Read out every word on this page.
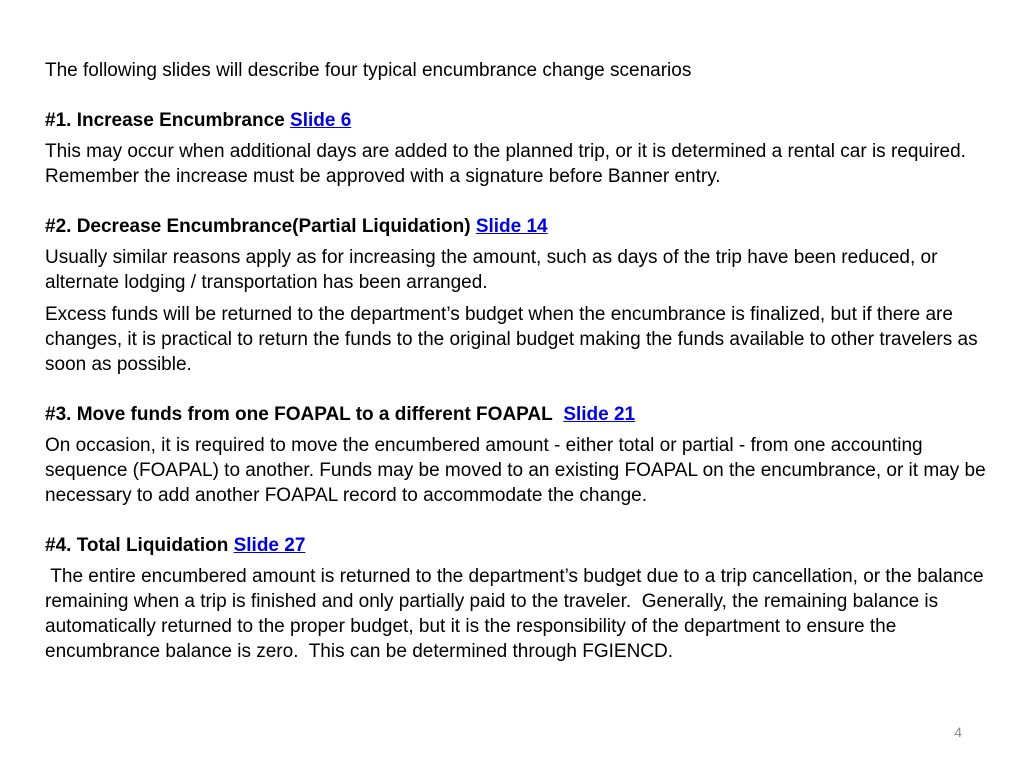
The following slides will describe four typical encumbrance change scenarios

#1. Increase Encumbrance Slide 6

This may occur when additional days are added to the planned trip, or it is determined a rental car is required. Remember the increase must be approved with a signature before Banner entry.

#2. Decrease Encumbrance(Partial Liquidation) Slide 14

Usually similar reasons apply as for increasing the amount, such as days of the trip have been reduced, or alternate lodging / transportation has been arranged.

Excess funds will be returned to the department’s budget when the encumbrance is finalized, but if there are changes, it is practical to return the funds to the original budget making the funds available to other travelers as soon as possible.

#3. Move funds from one FOAPAL to a different FOAPAL Slide 21

On occasion, it is required to move the encumbered amount - either total or partial - from one accounting sequence (FOAPAL) to another. Funds may be moved to an existing FOAPAL on the encumbrance, or it may be necessary to add another FOAPAL record to accommodate the change.

#4. Total Liquidation Slide 27

The entire encumbered amount is returned to the department’s budget due to a trip cancellation, or the balance remaining when a trip is finished and only partially paid to the traveler.  Generally, the remaining balance is automatically returned to the proper budget, but it is the responsibility of the department to ensure the encumbrance balance is zero.  This can be determined through FGIENCD.

4
